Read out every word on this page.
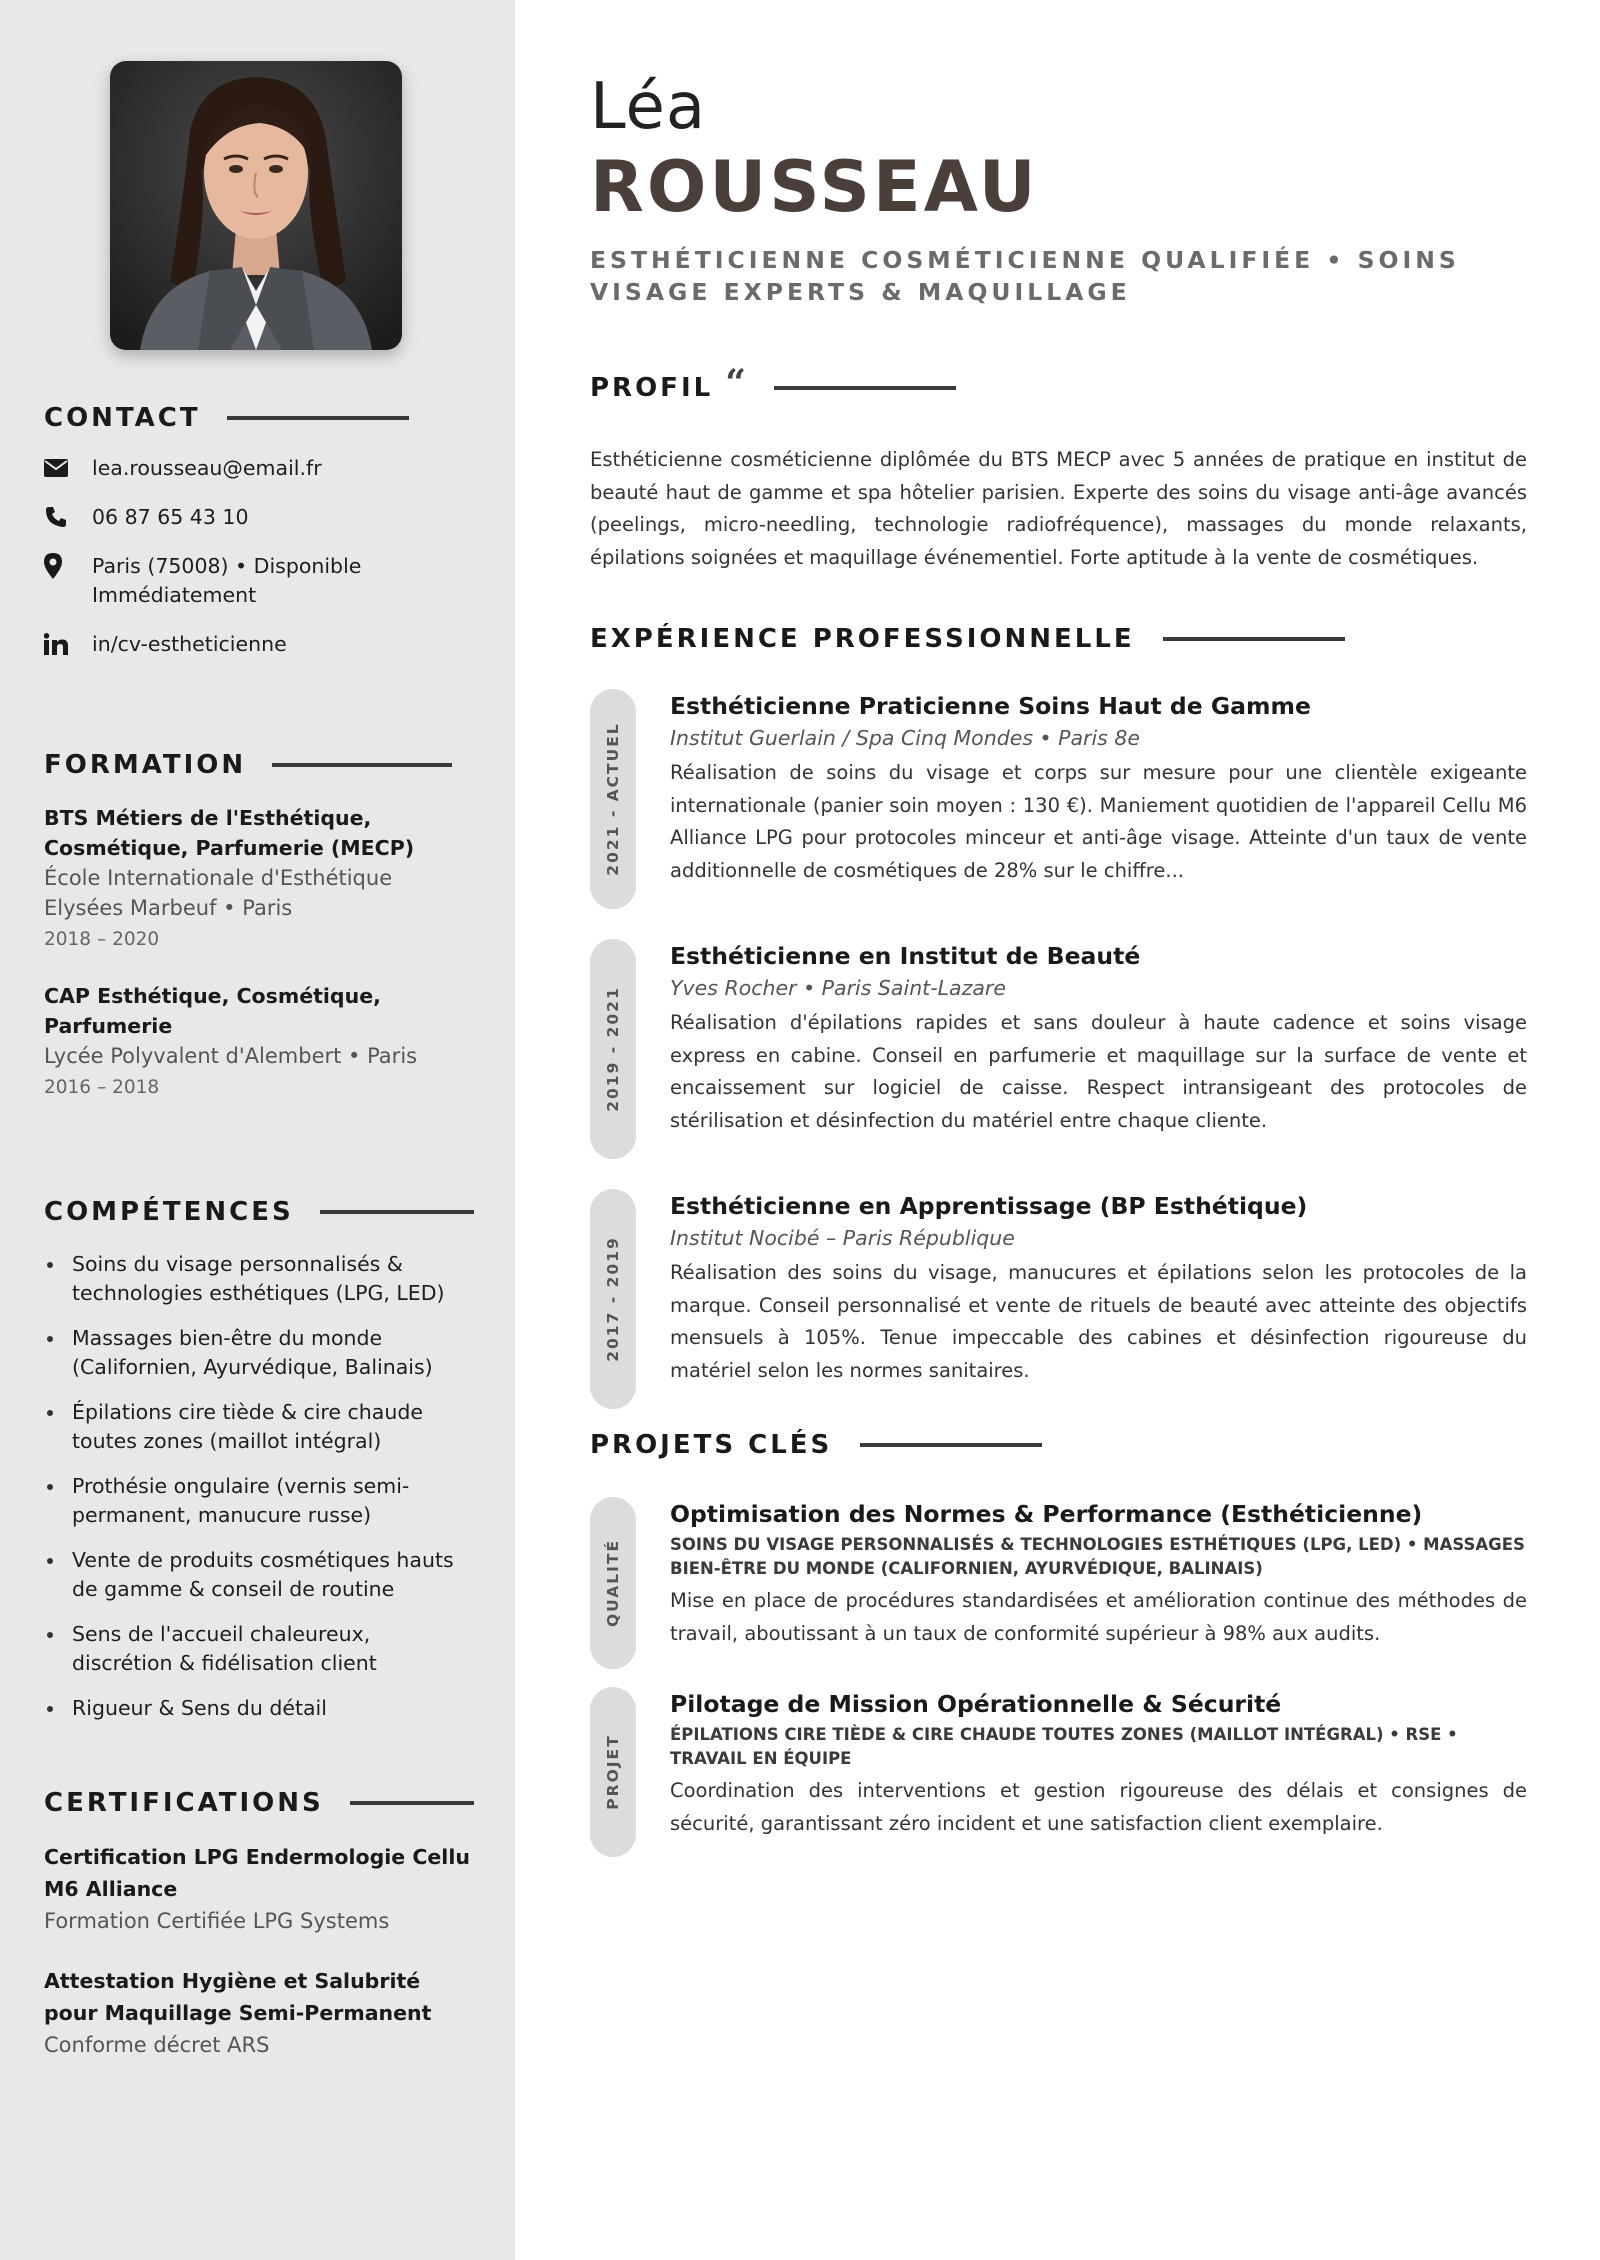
CONTACT
lea.rousseau@email.fr
06 87 65 43 10
Paris (75008) • Disponible Immédiatement
in/cv-estheticienne
FORMATION
BTS Métiers de l'Esthétique, Cosmétique, Parfumerie (MECP)
École Internationale d'Esthétique Elysées Marbeuf • Paris
2018 – 2020
CAP Esthétique, Cosmétique, Parfumerie
Lycée Polyvalent d'Alembert • Paris
2016 – 2018
COMPÉTENCES
Soins du visage personnalisés & technologies esthétiques (LPG, LED)
Massages bien-être du monde (Californien, Ayurvédique, Balinais)
Épilations cire tiède & cire chaude toutes zones (maillot intégral)
Prothésie ongulaire (vernis semi-permanent, manucure russe)
Vente de produits cosmétiques hauts de gamme & conseil de routine
Sens de l'accueil chaleureux, discrétion & fidélisation client
Rigueur & Sens du détail
CERTIFICATIONS
Certification LPG Endermologie Cellu M6 Alliance
Formation Certifiée LPG Systems
Attestation Hygiène et Salubrité pour Maquillage Semi-Permanent
Conforme décret ARS
Léa
ROUSSEAU
ESTHÉTICIENNE COSMÉTICIENNE QUALIFIÉE • SOINS VISAGE EXPERTS & MAQUILLAGE
PROFIL “

Esthéticienne cosméticienne diplômée du BTS MECP avec 5 années de pratique en institut de beauté haut de gamme et spa hôtelier parisien. Experte des soins du visage anti-âge avancés (peelings, micro-needling, technologie radiofréquence), massages du monde relaxants, épilations soignées et maquillage événementiel. Forte aptitude à la vente de cosmétiques.

EXPÉRIENCE PROFESSIONNELLE
2021 - ACTUEL
Esthéticienne Praticienne Soins Haut de Gamme
Institut Guerlain / Spa Cinq Mondes • Paris 8e
Réalisation de soins du visage et corps sur mesure pour une clientèle exigeante internationale (panier soin moyen : 130 €). Maniement quotidien de l'appareil Cellu M6 Alliance LPG pour protocoles minceur et anti-âge visage. Atteinte d'un taux de vente additionnelle de cosmétiques de 28% sur le chiffre...
2019 - 2021
Esthéticienne en Institut de Beauté
Yves Rocher • Paris Saint-Lazare
Réalisation d'épilations rapides et sans douleur à haute cadence et soins visage express en cabine. Conseil en parfumerie et maquillage sur la surface de vente et encaissement sur logiciel de caisse. Respect intransigeant des protocoles de stérilisation et désinfection du matériel entre chaque cliente.
2017 - 2019
Esthéticienne en Apprentissage (BP Esthétique)
Institut Nocibé – Paris République
Réalisation des soins du visage, manucures et épilations selon les protocoles de la marque. Conseil personnalisé et vente de rituels de beauté avec atteinte des objectifs mensuels à 105%. Tenue impeccable des cabines et désinfection rigoureuse du matériel selon les normes sanitaires.
PROJETS CLÉS
QUALITÉ
Optimisation des Normes & Performance (Esthéticienne)
SOINS DU VISAGE PERSONNALISÉS & TECHNOLOGIES ESTHÉTIQUES (LPG, LED) • MASSAGES BIEN-ÊTRE DU MONDE (CALIFORNIEN, AYURVÉDIQUE, BALINAIS)
Mise en place de procédures standardisées et amélioration continue des méthodes de travail, aboutissant à un taux de conformité supérieur à 98% aux audits.
PROJET
Pilotage de Mission Opérationnelle & Sécurité
ÉPILATIONS CIRE TIÈDE & CIRE CHAUDE TOUTES ZONES (MAILLOT INTÉGRAL) • RSE • TRAVAIL EN ÉQUIPE
Coordination des interventions et gestion rigoureuse des délais et consignes de sécurité, garantissant zéro incident et une satisfaction client exemplaire.
